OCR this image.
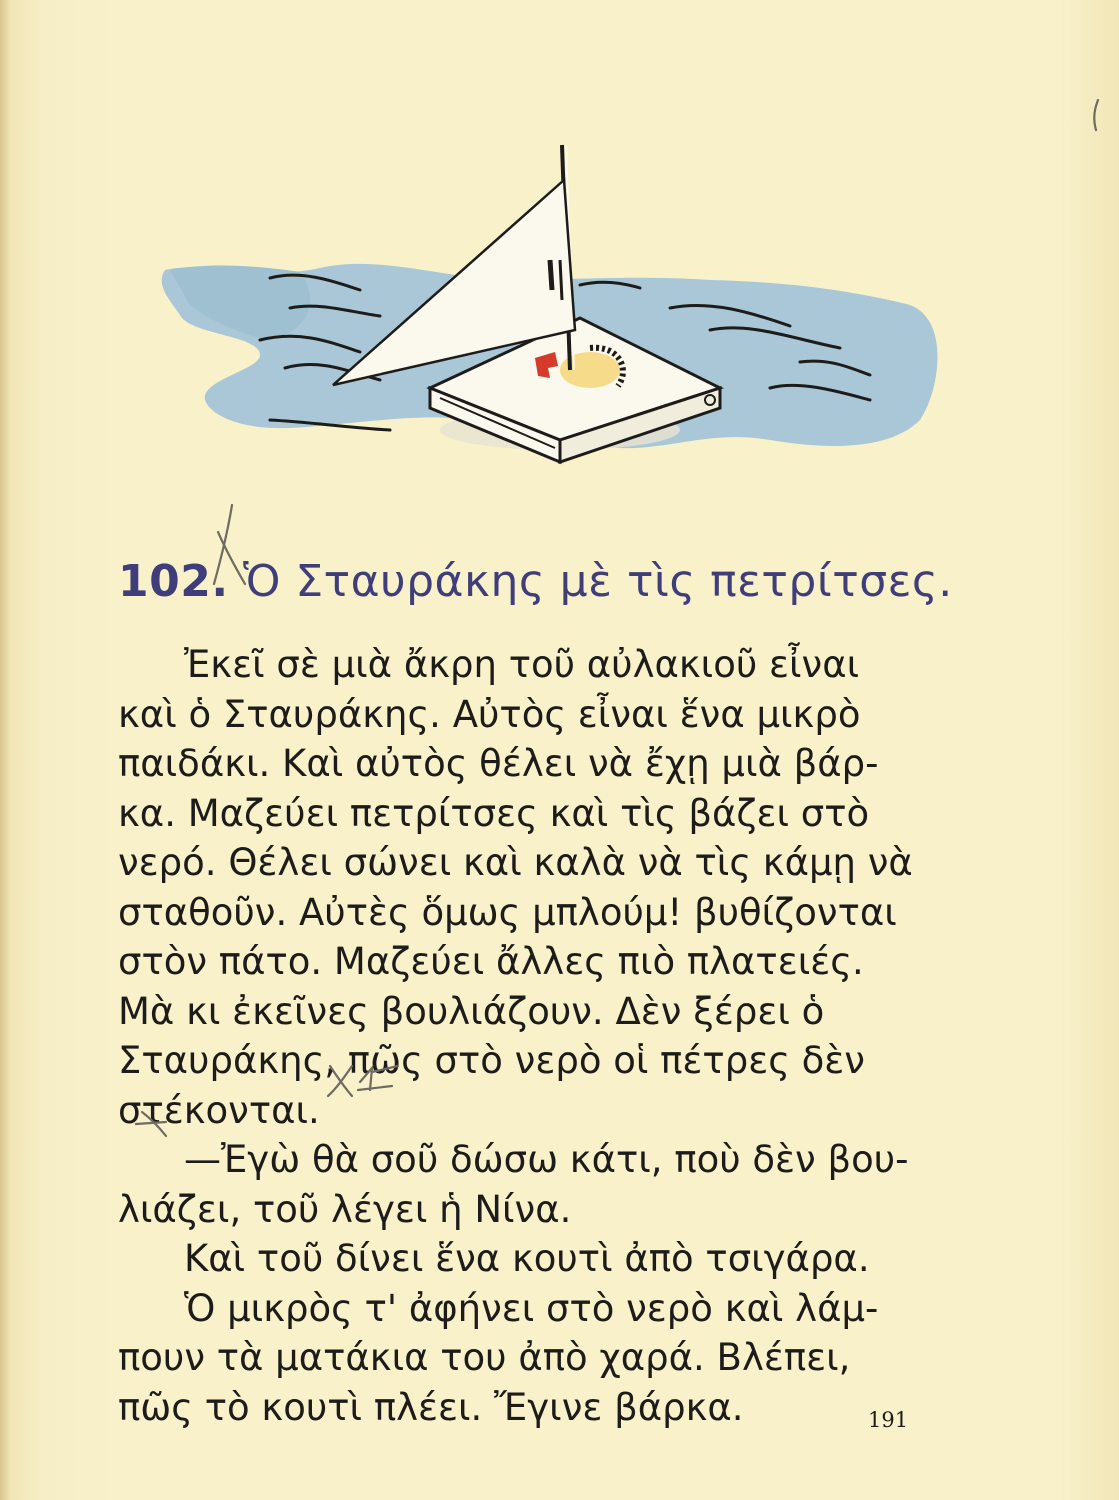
102. Ὁ Σταυράκης μὲ τὶς πετρίτσες.
Ἐκεῖ σὲ μιὰ ἄκρη τοῦ αὐλακιοῦ εἶναι
καὶ ὁ Σταυράκης. Αὐτὸς εἶναι ἕνα μικρὸ
παιδάκι. Καὶ αὐτὸς θέλει νὰ ἔχῃ μιὰ βάρ-
κα. Μαζεύει πετρίτσες καὶ τὶς βάζει στὸ
νερό. Θέλει σώνει καὶ καλὰ νὰ τὶς κάμῃ νὰ
σταθοῦν. Αὐτὲς ὅμως μπλούμ! βυθίζονται
στὸν πάτο. Μαζεύει ἄλλες πιὸ πλατειές.
Μὰ κι ἐκεῖνες βουλιάζουν. Δὲν ξέρει ὁ
Σταυράκης, πῶς στὸ νερὸ οἱ πέτρες δὲν
στέκονται.
—Ἐγὼ θὰ σοῦ δώσω κάτι, ποὺ δὲν βου-
λιάζει, τοῦ λέγει ἡ Νίνα.
Καὶ τοῦ δίνει ἕνα κουτὶ ἀπὸ τσιγάρα.
Ὁ μικρὸς τ' ἀφήνει στὸ νερὸ καὶ λάμ-
πουν τὰ ματάκια του ἀπὸ χαρά. Βλέπει,
πῶς τὸ κουτὶ πλέει. Ἔγινε βάρκα.	191
